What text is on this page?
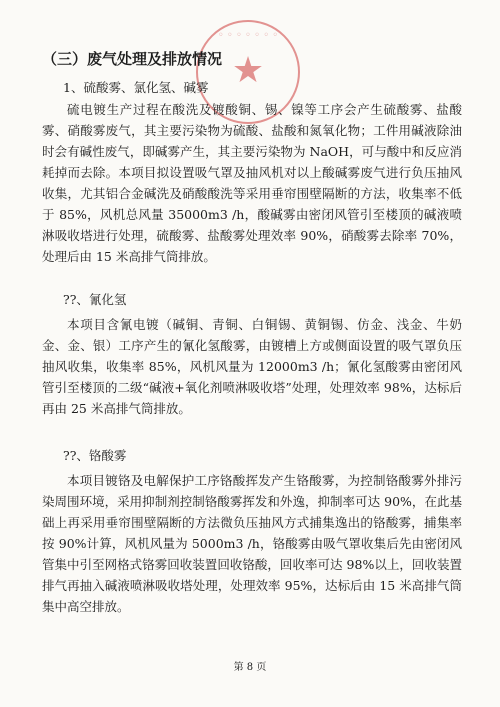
◦ ◦ ◦ ◦ ◦ ◦ ◦
★
（三）废气处理及排放情况
1、硫酸雾、氯化氢、碱雾
硫电镀生产过程在酸洗及镀酸铜、锡、镍等工序会产生硫酸雾、盐酸雾、硝酸雾废气，其主要污染物为硫酸、盐酸和氮氧化物；工件用碱液除油时会有碱性废气，即碱雾产生，其主要污染物为 NaOH，可与酸中和反应消耗掉而去除。本项目拟设置吸气罩及抽风机对以上酸碱雾废气进行负压抽风收集，尤其铝合金碱洗及硝酸酸洗等采用垂帘围壁隔断的方法，收集率不低于 85%，风机总风量 35000m3 /h，酸碱雾由密闭风管引至楼顶的碱液喷淋吸收塔进行处理，硫酸雾、盐酸雾处理效率 90%，硝酸雾去除率 70%，处理后由 15 米高排气筒排放。
??、氰化氢
本项目含氰电镀（碱铜、青铜、白铜锡、黄铜锡、仿金、浅金、牛奶金、金、银）工序产生的氰化氢酸雾，由镀槽上方或侧面设置的吸气罩负压抽风收集，收集率 85%，风机风量为 12000m3 /h；氰化氢酸雾由密闭风管引至楼顶的二级“碱液+氧化剂喷淋吸收塔”处理，处理效率 98%，达标后再由 25 米高排气筒排放。
??、铬酸雾
本项目镀铬及电解保护工序铬酸挥发产生铬酸雾，为控制铬酸雾外排污染周围环境，采用抑制剂控制铬酸雾挥发和外逸，抑制率可达 90%，在此基础上再采用垂帘围壁隔断的方法微负压抽风方式捕集逸出的铬酸雾，捕集率按 90%计算，风机风量为 5000m3 /h，铬酸雾由吸气罩收集后先由密闭风管集中引至网格式铬雾回收装置回收铬酸，回收率可达 98%以上，回收装置排气再抽入碱液喷淋吸收塔处理，处理效率 95%，达标后由 15 米高排气筒集中高空排放。
第 8 页
